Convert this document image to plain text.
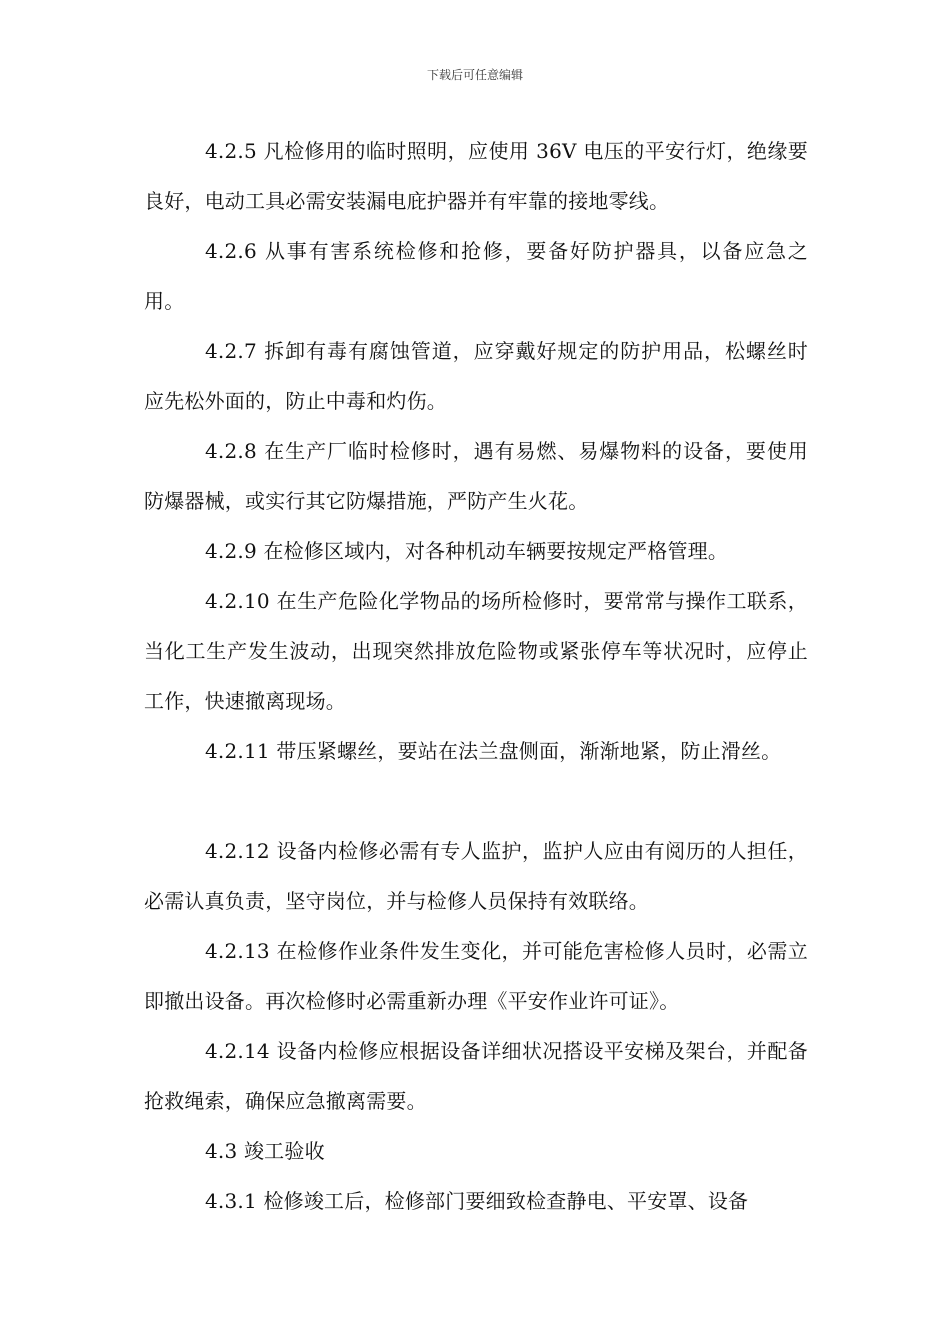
下载后可任意编辑

4.2.5 凡检修用的临时照明，应使用 36V 电压的平安行灯，绝缘要良好，电动工具必需安装漏电庇护器并有牢靠的接地零线。

4.2.6 从事有害系统检修和抢修，要备好防护器具，以备应急之用。

4.2.7 拆卸有毒有腐蚀管道，应穿戴好规定的防护用品，松螺丝时应先松外面的，防止中毒和灼伤。

4.2.8 在生产厂临时检修时，遇有易燃、易爆物料的设备，要使用防爆器械，或实行其它防爆措施，严防产生火花。

4.2.9 在检修区域内，对各种机动车辆要按规定严格管理。

4.2.10 在生产危险化学物品的场所检修时，要常常与操作工联系，当化工生产发生波动，出现突然排放危险物或紧张停车等状况时，应停止工作，快速撤离现场。

4.2.11 带压紧螺丝，要站在法兰盘侧面，渐渐地紧，防止滑丝。

4.2.12 设备内检修必需有专人监护，监护人应由有阅历的人担任，必需认真负责，坚守岗位，并与检修人员保持有效联络。

4.2.13 在检修作业条件发生变化，并可能危害检修人员时，必需立即撤出设备。再次检修时必需重新办理《平安作业许可证》。

4.2.14 设备内检修应根据设备详细状况搭设平安梯及架台，并配备抢救绳索，确保应急撤离需要。

4.3 竣工验收

4.3.1 检修竣工后，检修部门要细致检查静电、平安罩、设备
